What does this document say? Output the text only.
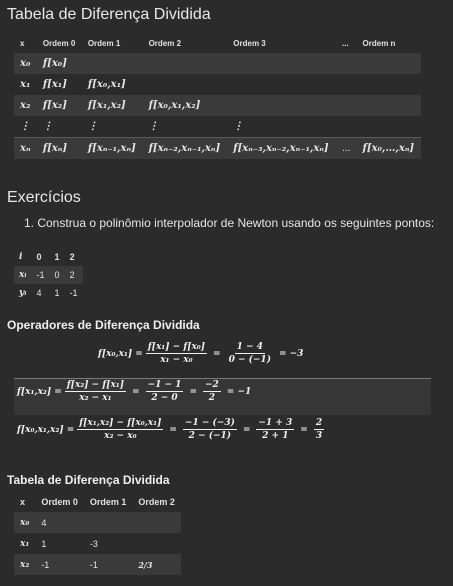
Tabela de Diferença Dividida
x	Ordem 0	Ordem 1	Ordem 2	Ordem 3	...	Ordem n
x₀	f[x₀]					
x₁	f[x₁]	f[x₀,x₁]				
x₂	f[x₂]	f[x₁,x₂]	f[x₀,x₁,x₂]			
⋮	⋮	⋮	⋮	⋮		
xₙ	f[xₙ]	f[xₙ₋₁,xₙ]	f[xₙ₋₂,xₙ₋₁,xₙ]	f[xₙ₋₃,xₙ₋₂,xₙ₋₁,xₙ]	...	f[x₀,…,xₙ]
Exercícios
1. Construa o polinômio interpolador de Newton usando os seguintes pontos:
i	0	1	2
xᵢ	-1	0	2
yᵢ	4	1	-1
Operadores de Diferença Dividida
$f[x_0,x_1] = \frac{\text{f[x₁] − f[x₀]}}{\text{x₁ − x₀}} = \frac{1 - 4}{0 - (-1)} = -3$
$f[x_1,x_2] = \frac{\text{f[x₂] − f[x₁]}}{\text{x₂ − x₁}} = \frac{-1 - 1}{2 - 0} = \frac{-2}{2} = -1$
$f[x_0,x_1,x_2] = \frac{\text{f[x₁,x₂] − f[x₀,x₁]}}{\text{x₂ − x₀}} = \frac{-1 - (-3)}{2 - (-1)} = \frac{-1 + 3}{2 + 1} = \frac{2}{3}$
Tabela de Diferença Dividida
x	Ordem 0	Ordem 1	Ordem 2
x₀	4		
x₁	1	-3	
x₂	-1	-1	2/3
